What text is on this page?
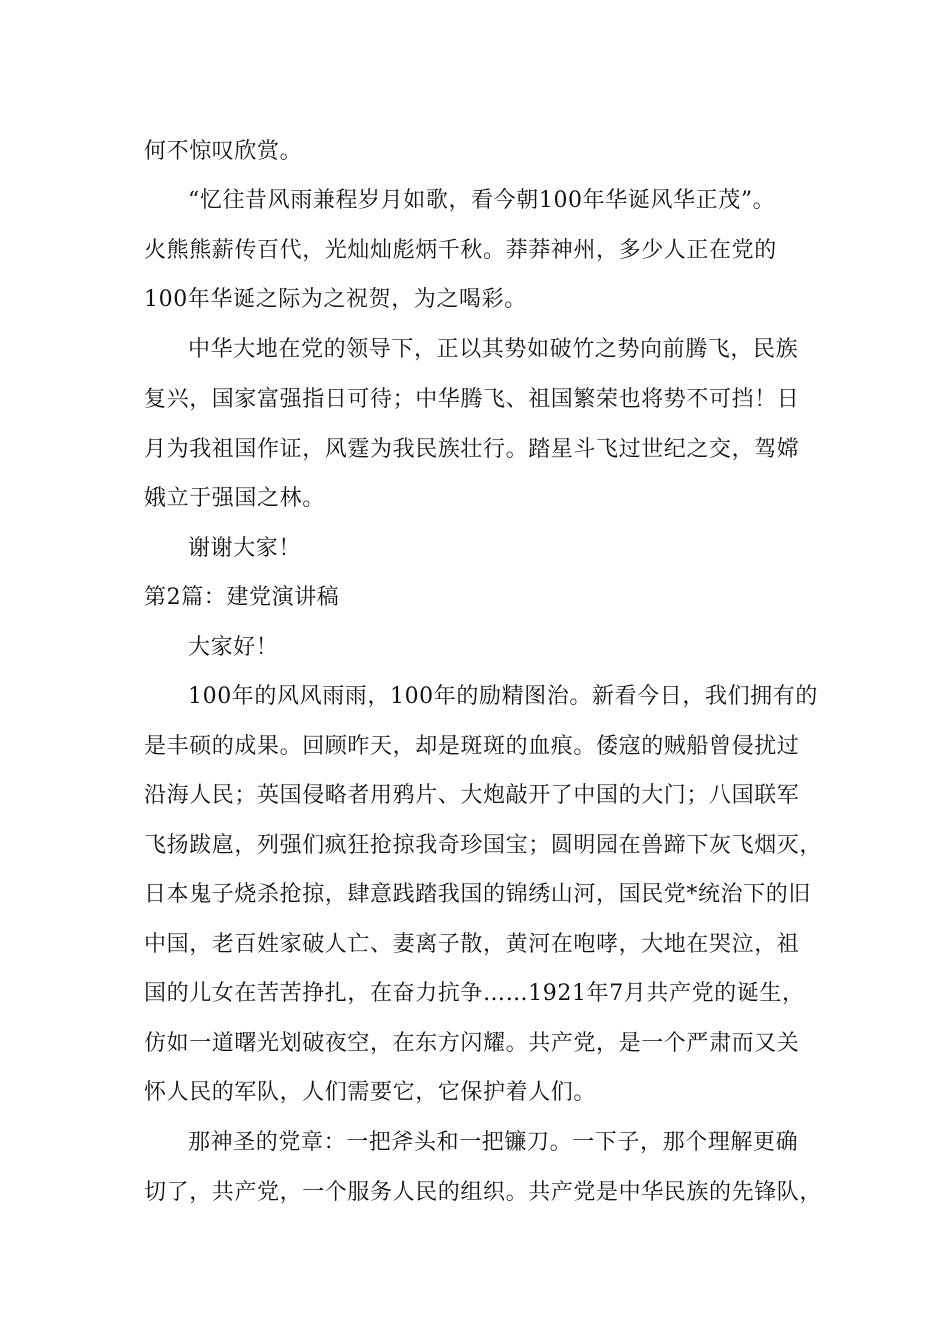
何不惊叹欣赏。
“忆往昔风雨兼程岁月如歌，看今朝100年华诞风华正茂”。
火熊熊薪传百代，光灿灿彪炳千秋。莽莽神州，多少人正在党的
100年华诞之际为之祝贺，为之喝彩。
中华大地在党的领导下，正以其势如破竹之势向前腾飞，民族
复兴，国家富强指日可待；中华腾飞、祖国繁荣也将势不可挡！日
月为我祖国作证，风霆为我民族壮行。踏星斗飞过世纪之交，驾嫦
娥立于强国之林。
谢谢大家！
第2篇：建党演讲稿
大家好！
100年的风风雨雨，100年的励精图治。新看今日，我们拥有的
是丰硕的成果。回顾昨天，却是斑斑的血痕。倭寇的贼船曾侵扰过
沿海人民；英国侵略者用鸦片、大炮敲开了中国的大门；八国联军
飞扬跋扈，列强们疯狂抢掠我奇珍国宝；圆明园在兽蹄下灰飞烟灭，
日本鬼子烧杀抢掠，肆意践踏我国的锦绣山河，国民党*统治下的旧
中国，老百姓家破人亡、妻离子散，黄河在咆哮，大地在哭泣，祖
国的儿女在苦苦挣扎，在奋力抗争……1921年7月共产党的诞生，
仿如一道曙光划破夜空，在东方闪耀。共产党，是一个严肃而又关
怀人民的军队，人们需要它，它保护着人们。
那神圣的党章：一把斧头和一把镰刀。一下子，那个理解更确
切了，共产党，一个服务人民的组织。共产党是中华民族的先锋队，
